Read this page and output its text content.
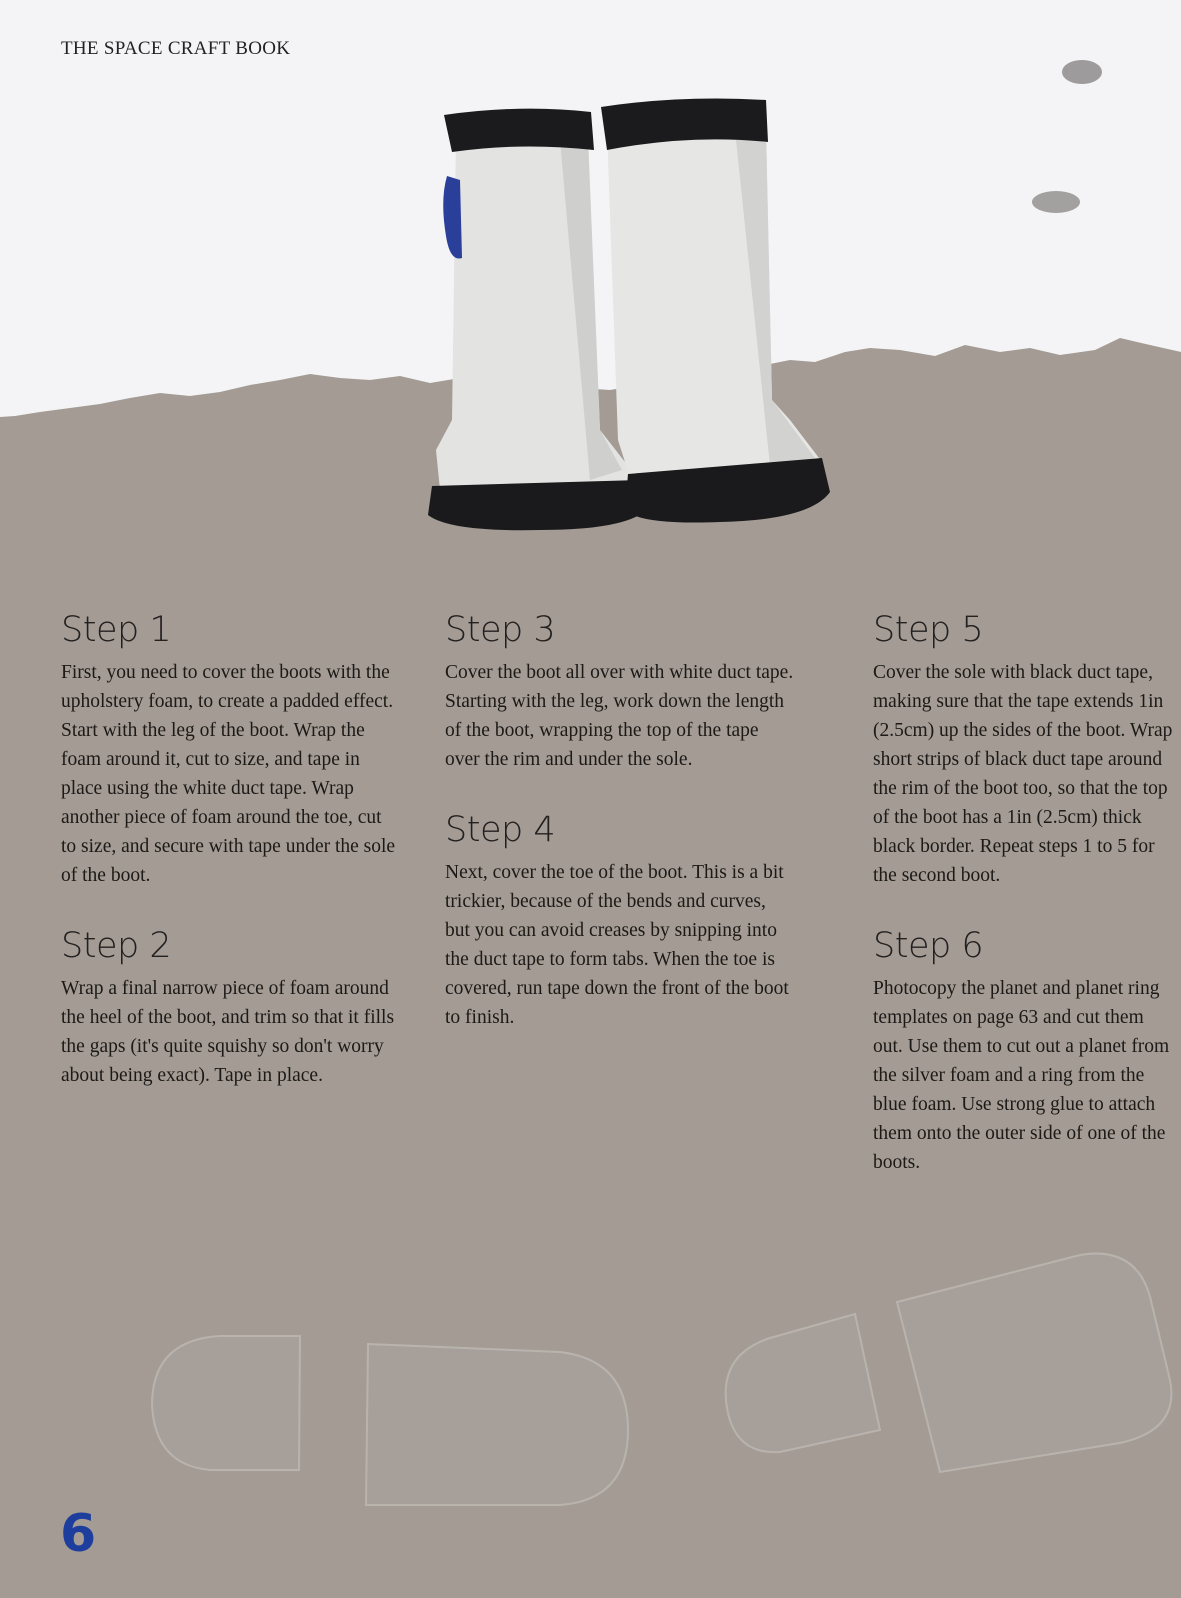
THE SPACE CRAFT BOOK
Step 1

First, you need to cover the boots with the upholstery foam, to create a padded effect. Start with the leg of the boot. Wrap the foam around it, cut to size, and tape in place using the white duct tape. Wrap another piece of foam around the toe, cut to size, and secure with tape under the sole of the boot.

Step 2

Wrap a final narrow piece of foam around the heel of the boot, and trim so that it fills the gaps (it's quite squishy so don't worry about being exact). Tape in place.

Step 3

Cover the boot all over with white duct tape. Starting with the leg, work down the length of the boot, wrapping the top of the tape over the rim and under the sole.

Step 4

Next, cover the toe of the boot. This is a bit trickier, because of the bends and curves, but you can avoid creases by snipping into the duct tape to form tabs. When the toe is covered, run tape down the front of the boot to finish.

Step 5

Cover the sole with black duct tape, making sure that the tape extends 1in (2.5cm) up the sides of the boot. Wrap short strips of black duct tape around the rim of the boot too, so that the top of the boot has a 1in (2.5cm) thick black border. Repeat steps 1 to 5 for the second boot.

Step 6

Photocopy the planet and planet ring templates on page 63 and cut them out. Use them to cut out a planet from the silver foam and a ring from the blue foam. Use strong glue to attach them onto the outer side of one of the boots.

6
